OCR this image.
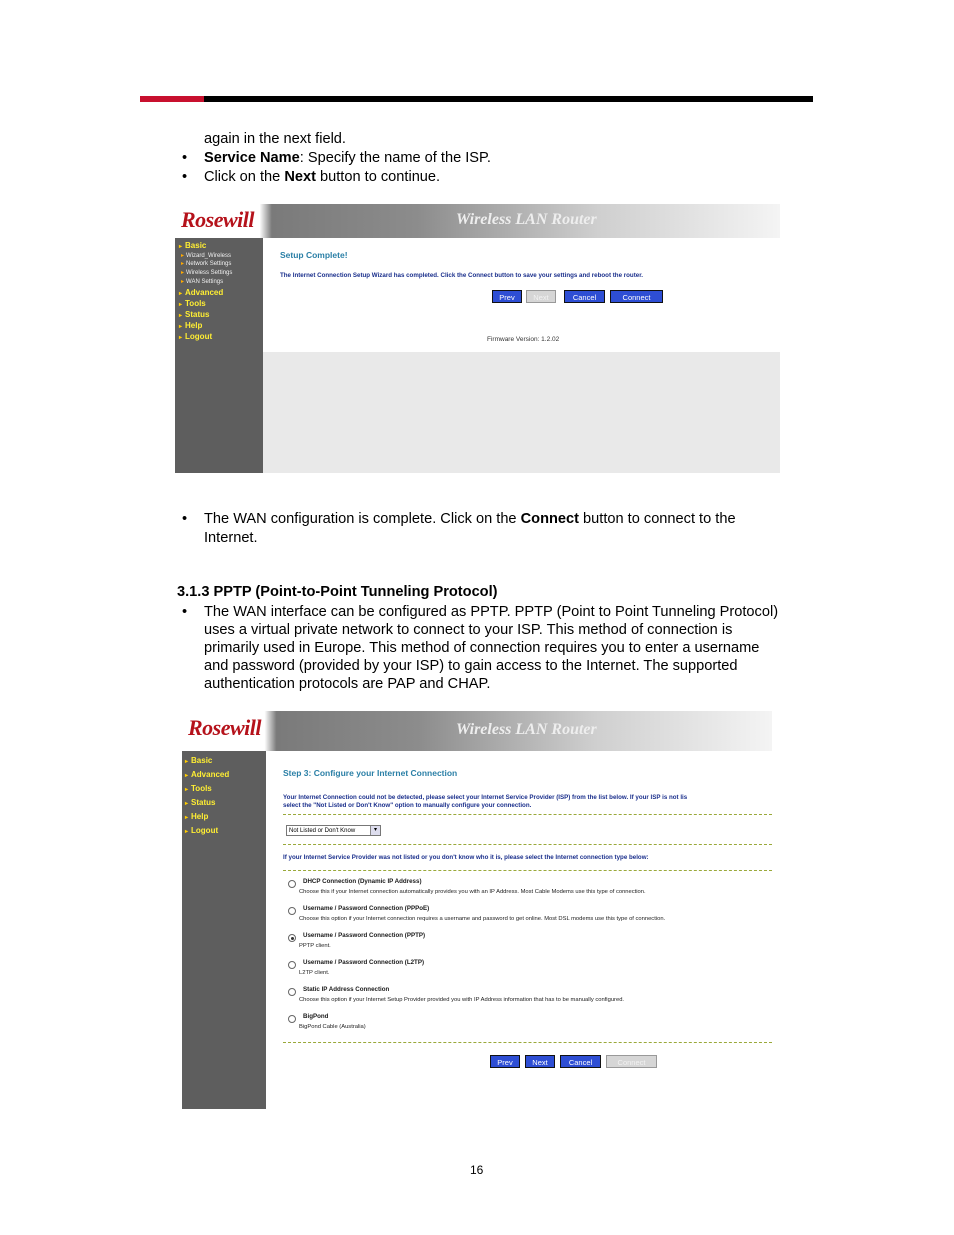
again in the next field.
• Service Name: Specify the name of the ISP.
• Click on the Next button to continue.
Rosewill	Wireless LAN Router
▸ Basic
▸ Wizard_Wireless
▸ Network Settings
▸ Wireless Settings
▸ WAN Settings
▸ Advanced
▸ Tools
▸ Status
▸ Help
▸ Logout
Setup Complete!
The Internet Connection Setup Wizard has completed. Click the Connect button to save your settings and reboot the router.
Prev	Next	Cancel	Connect
Firmware Version: 1.2.02
• The WAN configuration is complete. Click on the Connect button to connect to the
Internet.
3.1.3 PPTP (Point-to-Point Tunneling Protocol)
• The WAN interface can be configured as PPTP. PPTP (Point to Point Tunneling Protocol)
uses a virtual private network to connect to your ISP. This method of connection is
primarily used in Europe. This method of connection requires you to enter a username
and password (provided by your ISP) to gain access to the Internet. The supported
authentication protocols are PAP and CHAP.
Rosewill	Wireless LAN Router
▸ Basic
▸ Advanced
▸ Tools
▸ Status
▸ Help
▸ Logout
Step 3: Configure your Internet Connection
Your Internet Connection could not be detected, please select your Internet Service Provider (ISP) from the list below. If your ISP is not lis
select the "Not Listed or Don't Know" option to manually configure your connection.
Not Listed or Don't Know	▾
If your Internet Service Provider was not listed or you don't know who it is, please select the Internet connection type below:
DHCP Connection (Dynamic IP Address)
Choose this if your Internet connection automatically provides you with an IP Address. Most Cable Modems use this type of connection.
Username / Password Connection (PPPoE)
Choose this option if your Internet connection requires a username and password to get online. Most DSL modems use this type of connection.
Username / Password Connection (PPTP)
PPTP client.
Username / Password Connection (L2TP)
L2TP client.
Static IP Address Connection
Choose this option if your Internet Setup Provider provided you with IP Address information that has to be manually configured.
BigPond
BigPond Cable (Australia)
Prev	Next	Cancel	Connect
16
